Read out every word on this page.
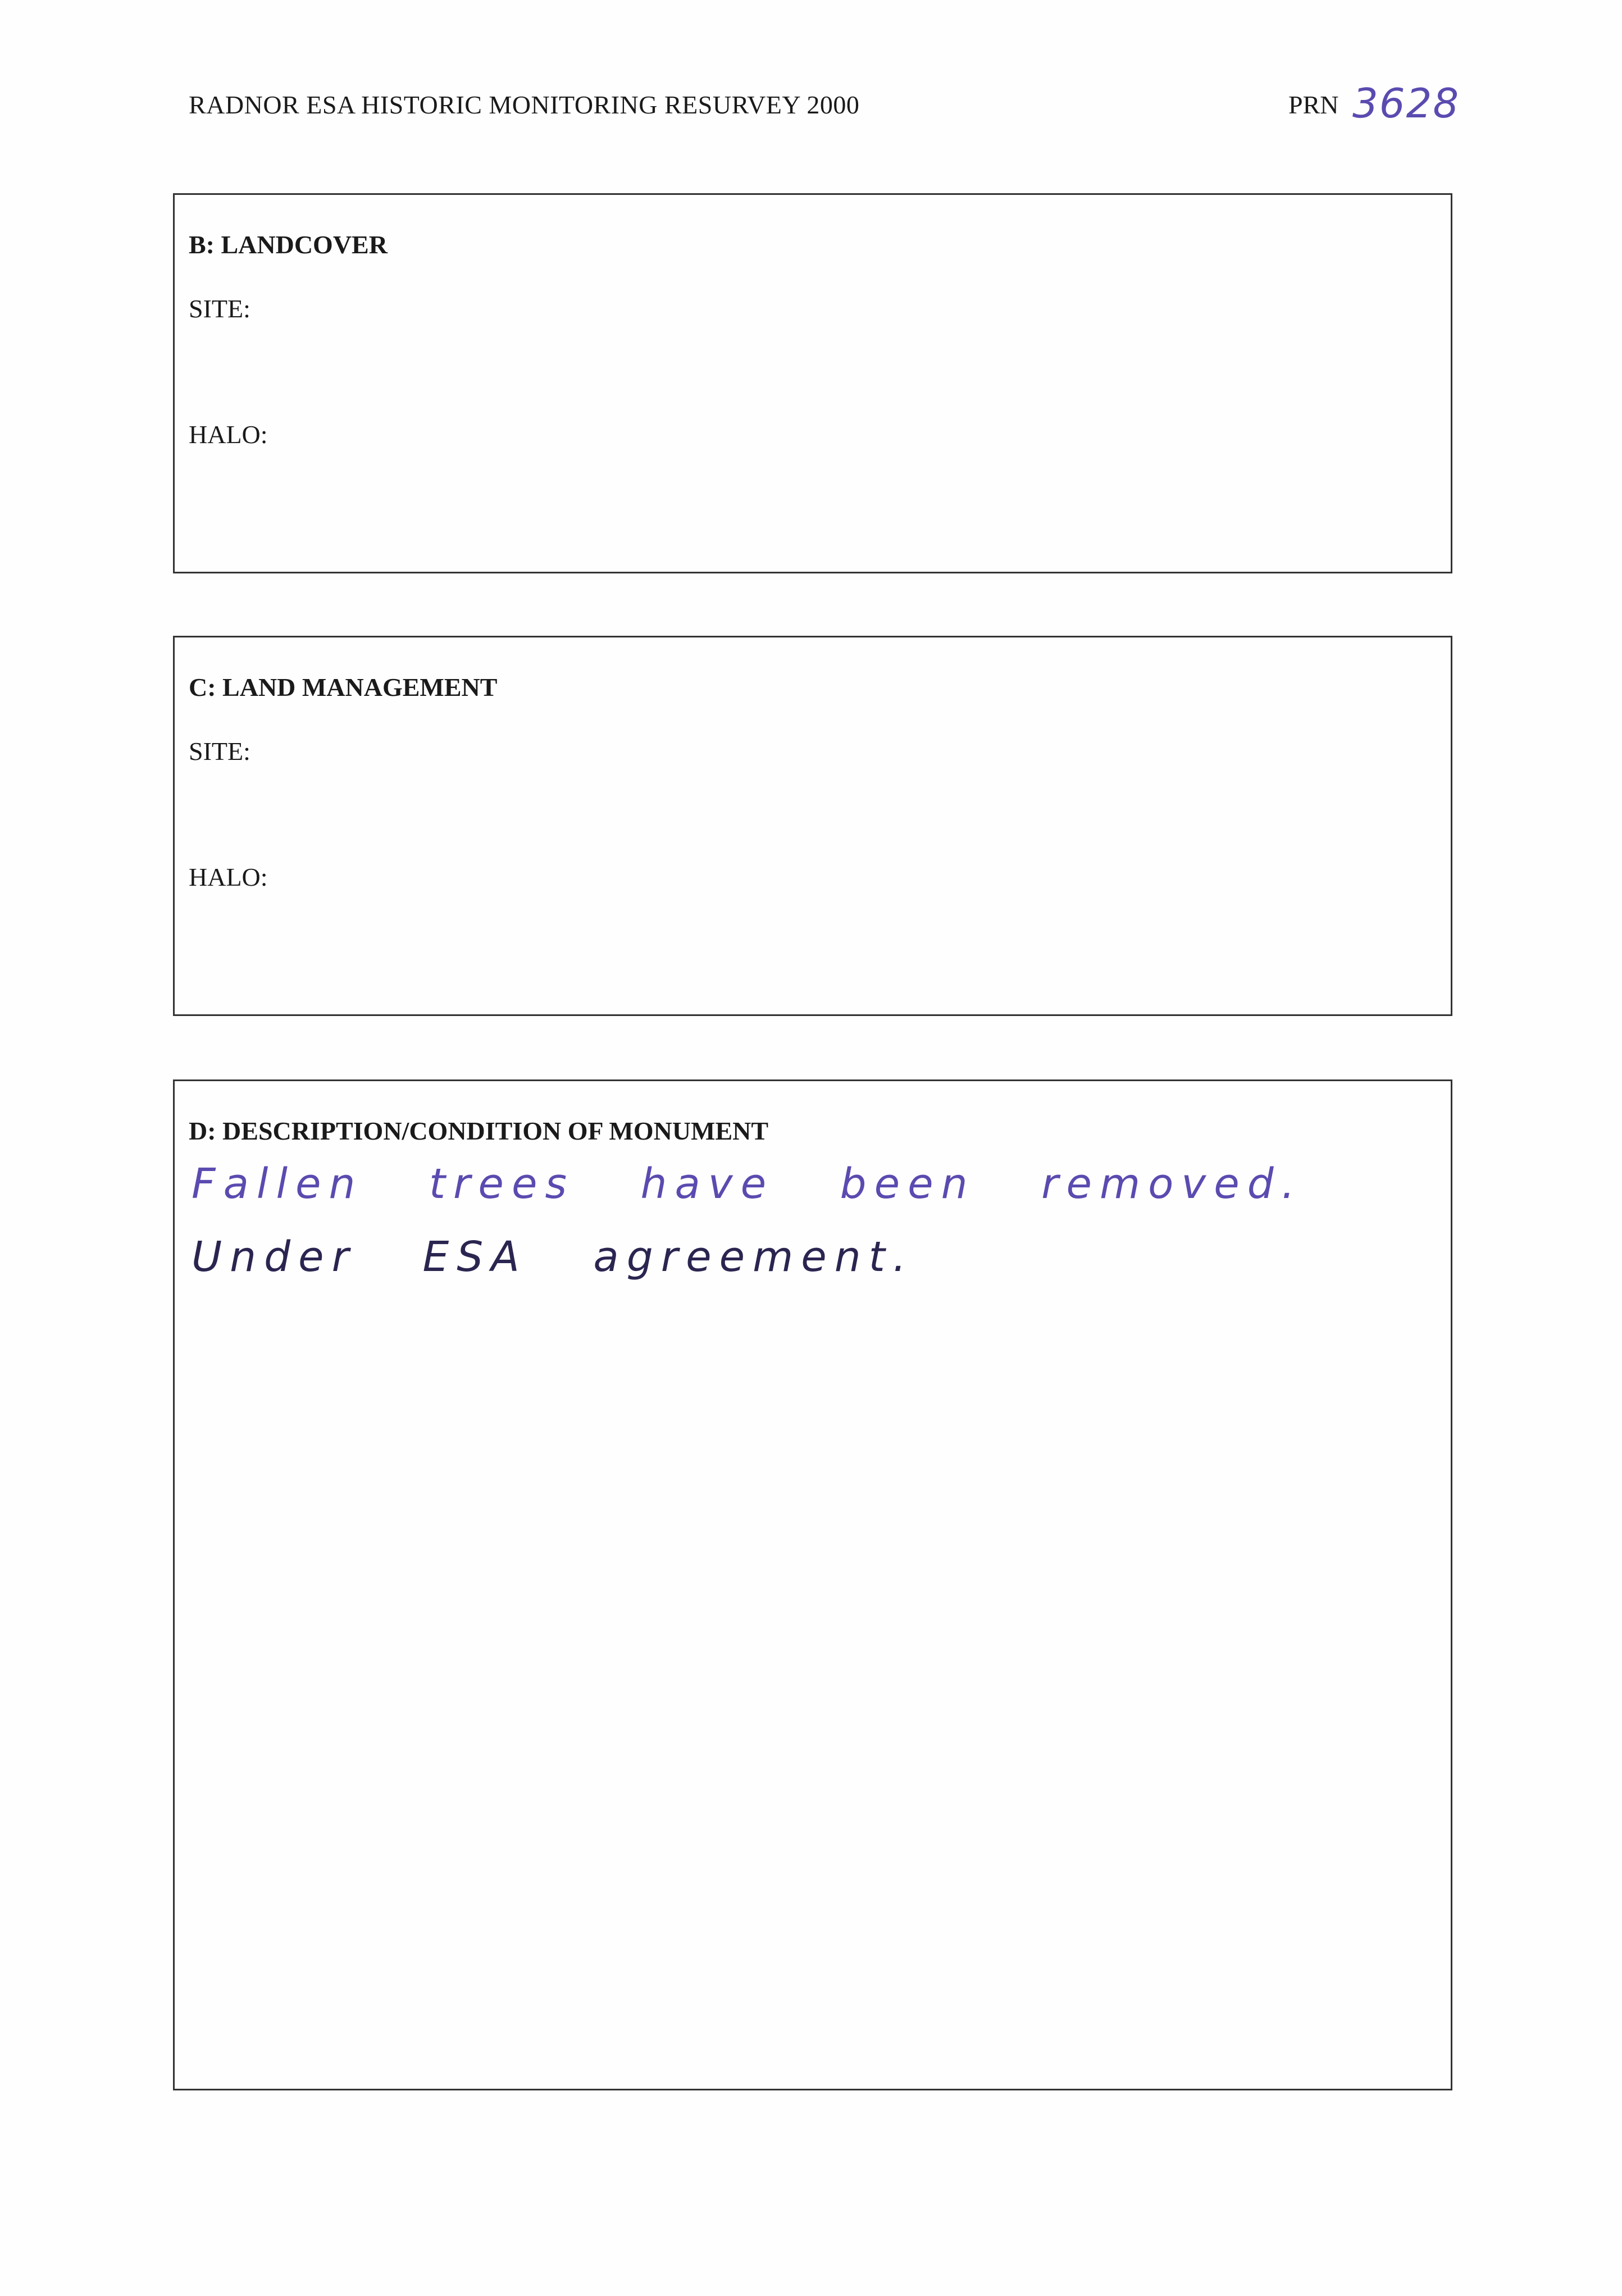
RADNOR ESA HISTORIC MONITORING RESURVEY 2000	PRN 3628
B: LANDCOVER
SITE:
HALO:
C: LAND MANAGEMENT
SITE:
HALO:
D: DESCRIPTION/CONDITION OF MONUMENT
Fallen trees have been removed.
Under ESA agreement.
